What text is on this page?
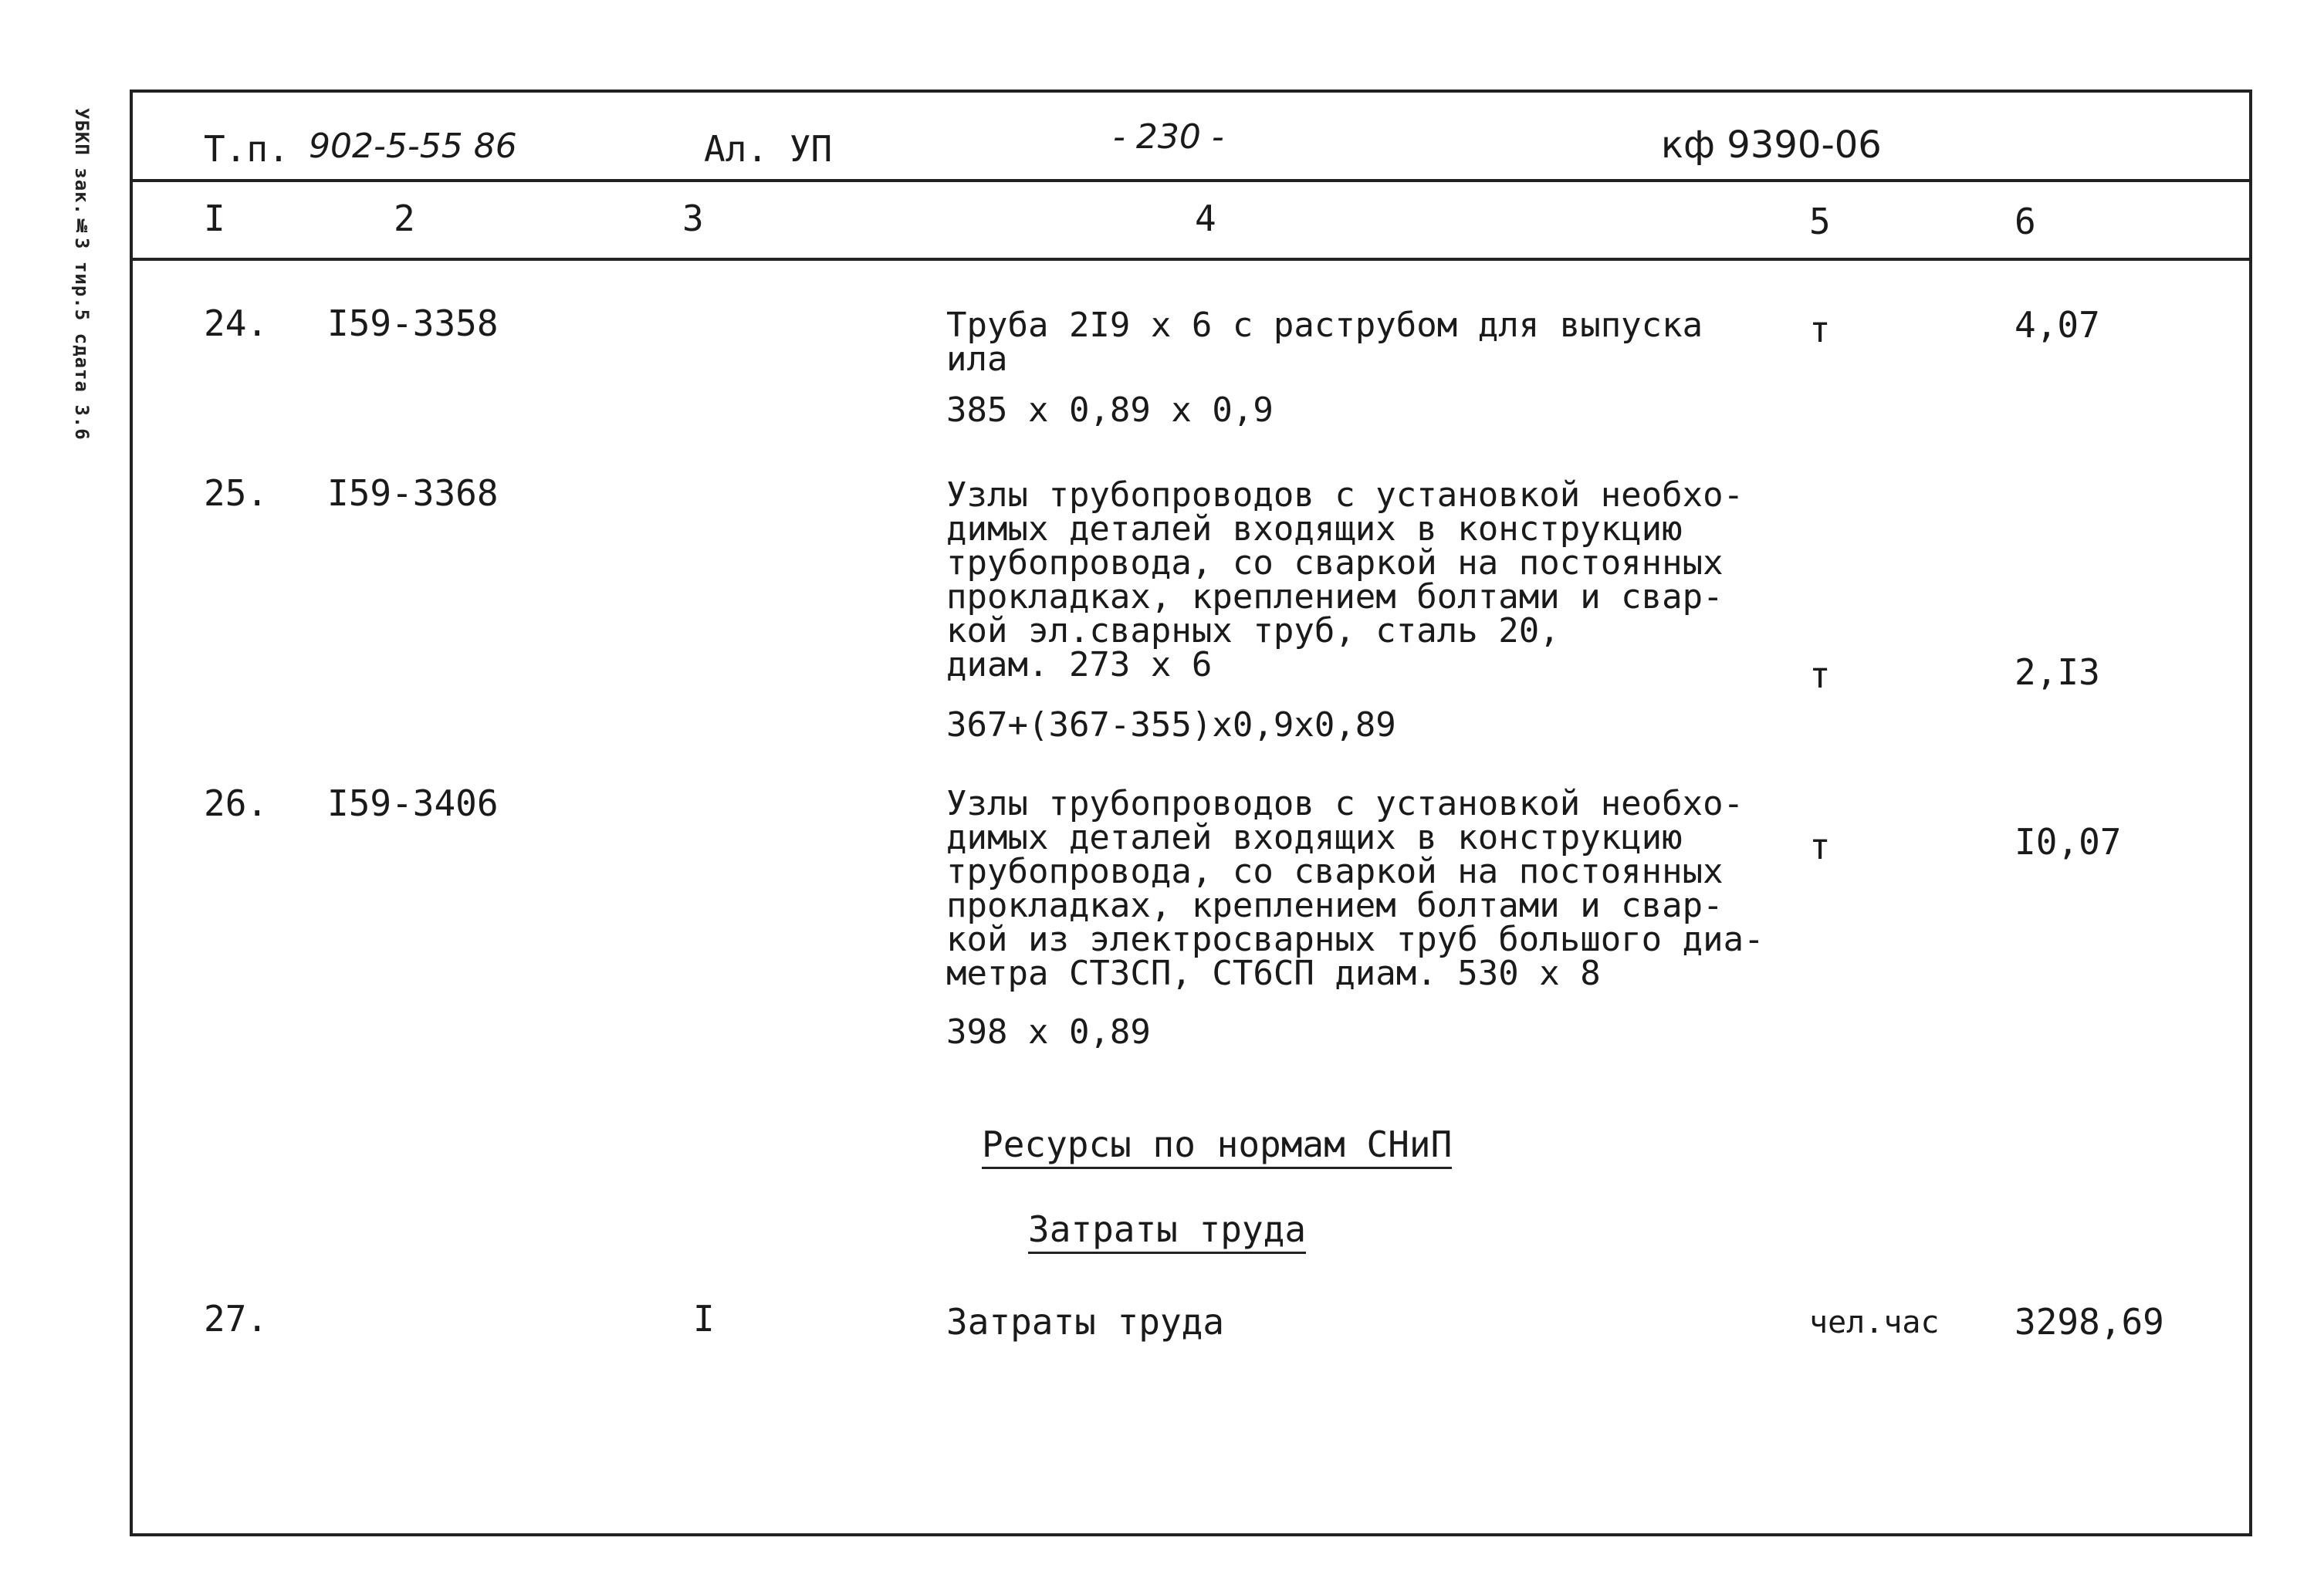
УБКП зак.№3 тир.5 сдата 3.6	Т.п. 902-5-55 86	Ал. УП	- 230 -	кф 9390-06
I	2	3	4	5	6
24. I59-3358	Труба 2I9 x 6 с раструбом для выпуска
ила
385 x 0,89 x 0,9
т	4,07
25. I59-3368	Узлы трубопроводов с установкой необхо-
димых деталей входящих в конструкцию
трубопровода, со сваркой на постоянных
прокладках, креплением болтами и свар-
кой эл.сварных труб, сталь 20,
диам. 273 x 6
367+(367-355)x0,9x0,89
т	2,I3
26. I59-3406	Узлы трубопроводов с установкой необхо-
димых деталей входящих в конструкцию
трубопровода, со сваркой на постоянных
прокладках, креплением болтами и свар-
кой из электросварных труб большого диа-
метра СТ3СП, СТ6СП диам. 530 x 8
398 x 0,89
т	I0,07
Ресурсы по нормам СНиП
Затраты труда
27.	I	Затраты труда	чел.час 3298,69
